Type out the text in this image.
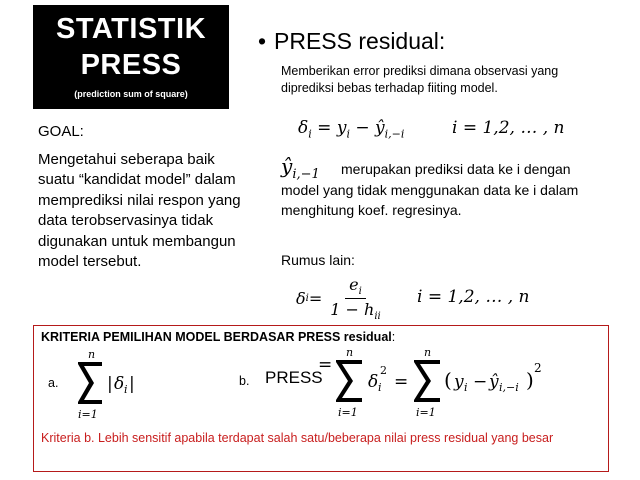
STATISTIK
PRESS
(prediction sum of square)
GOAL:
Mengetahui seberapa baik suatu “kandidat model” dalam memprediksi nilai respon yang data terobservasinya tidak digunakan untuk membangun model tersebut.
• PRESS residual:
Memberikan error prediksi dimana observasi yang diprediksi bebas terhadap fiiting model.
$\delta_i = y_i$ − $ŷ_{i,-i}$	i = 1,2, … , n
$ŷ_{i,-1}$	merupakan prediksi data ke i dengan model yang tidak menggunakan data ke i dalam menghitung koef. regresinya.
Rumus lain:
δ $i = \frac{e_i}{1 - h_{ii}}$ i = 1,2, … , n
KRITERIA PEMILIHAN MODEL BERDASAR PRESS residual:
a.
n
i=1
| δ i |	b. PRESS
=
n
i=1
δ i
2
=
n
i=1
( y i − ŷ i,−i ) 2
Kriteria b. Lebih sensitif apabila terdapat salah satu/beberapa nilai press residual yang besar
